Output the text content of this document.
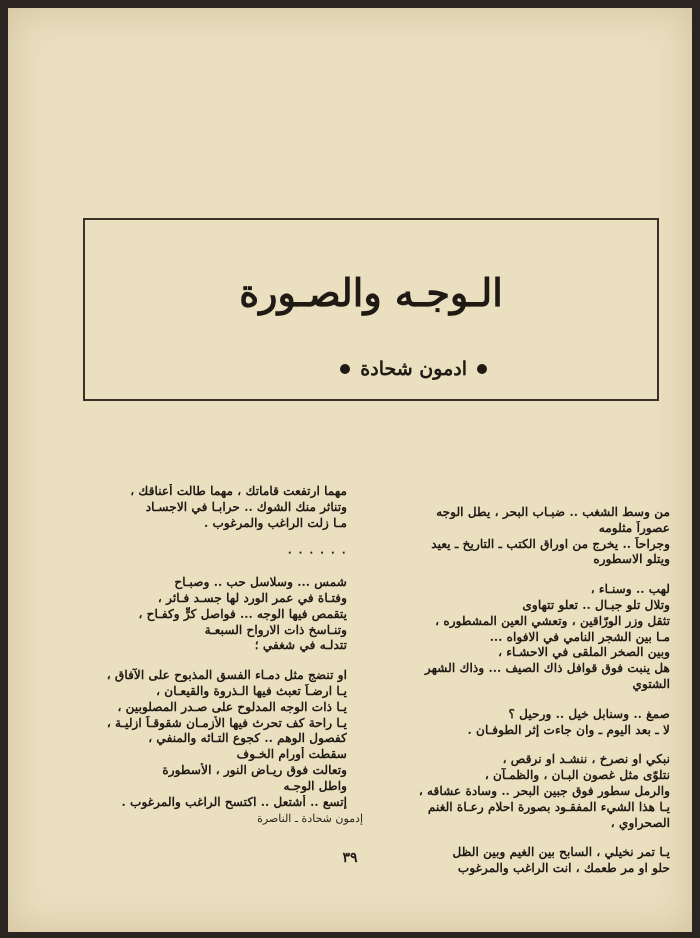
الـوجـه والصـورة
ادمون شحادة
من وسط الشغب .. ضبـاب البحر ، يطل الوجه
عصوراً مثلومه
وجراحاً .. يخرج من اوراق الكتب ـ التاريخ ـ يعيد
ويتلو الاسطوره
لهب .. وسنـاء ،
وتلال تلو جبـال .. تعلو تتهاوى
تثقل وزر الورّاقين ، وتعشي العين المشطوره ،
مـا بين الشجر النامي في الافواه ...
وبين الصخر الملقى في الاحشـاء ،
هل ينبت فوق قوافل ذاك الصيف ... وذاك الشهر
الشتوي
صمغ .. وسنابل خيل .. ورحيل ؟
لا ـ بعد اليوم ـ وان جاءت إثر الطوفـان .
نبكي او نصرخ ، ننشـد او نرقص ،
نتلوّى مثل غصون البـان ، والظمـآن ،
والرمل سطور فوق جبين البحر .. وسادة عشاقه ،
يـا هذا الشيء المفقـود بصورة احلام رعـاة الغنم
الصحراوي ،
يـا تمر نخيلي ، السابح بين الغيم وبين الظل
حلو او مر طعمك ، انت الراغب والمرغوب
مهما ارتفعت قاماتك ، مهما طالت أعناقك ،
وتناثر منك الشوك .. حرابـا في الاجسـاد
مـا زلت الراغب والمرغوب .
٠ ٠ ٠ ٠ ٠ ٠
شمس ... وسلاسل حب .. وصبـاح
وفتـاة في عمر الورد لها جسـد فـائر ،
يتقمص فيها الوجه ... فواصل كرٍّ وكفـاح ،
وتنـاسخ ذات الارواح السبعـة
تتدلـه في شغفي ؛
او تنضج مثل دمـاء الفسق المذبوح على الآفاق ،
يـا ارضـاً تعبث فيها الـذروة والقيعـان ،
يـا ذات الوجه المدلوح على صـدر المصلوبين ،
يـا راحة كف تحرث فيها الأزمـان شقوقـاً ازليـة ،
كفصول الوهم .. كجوع التـائه والمنفي ،
سقطت أورام الخـوف
وتعالت فوق ريـاض النور ، الأسطورة
واطل الوجـه
إتسع .. أشتعل .. اكتسح الراغب والمرغوب .
إدمون شحادة ـ الناصرة
٣٩
